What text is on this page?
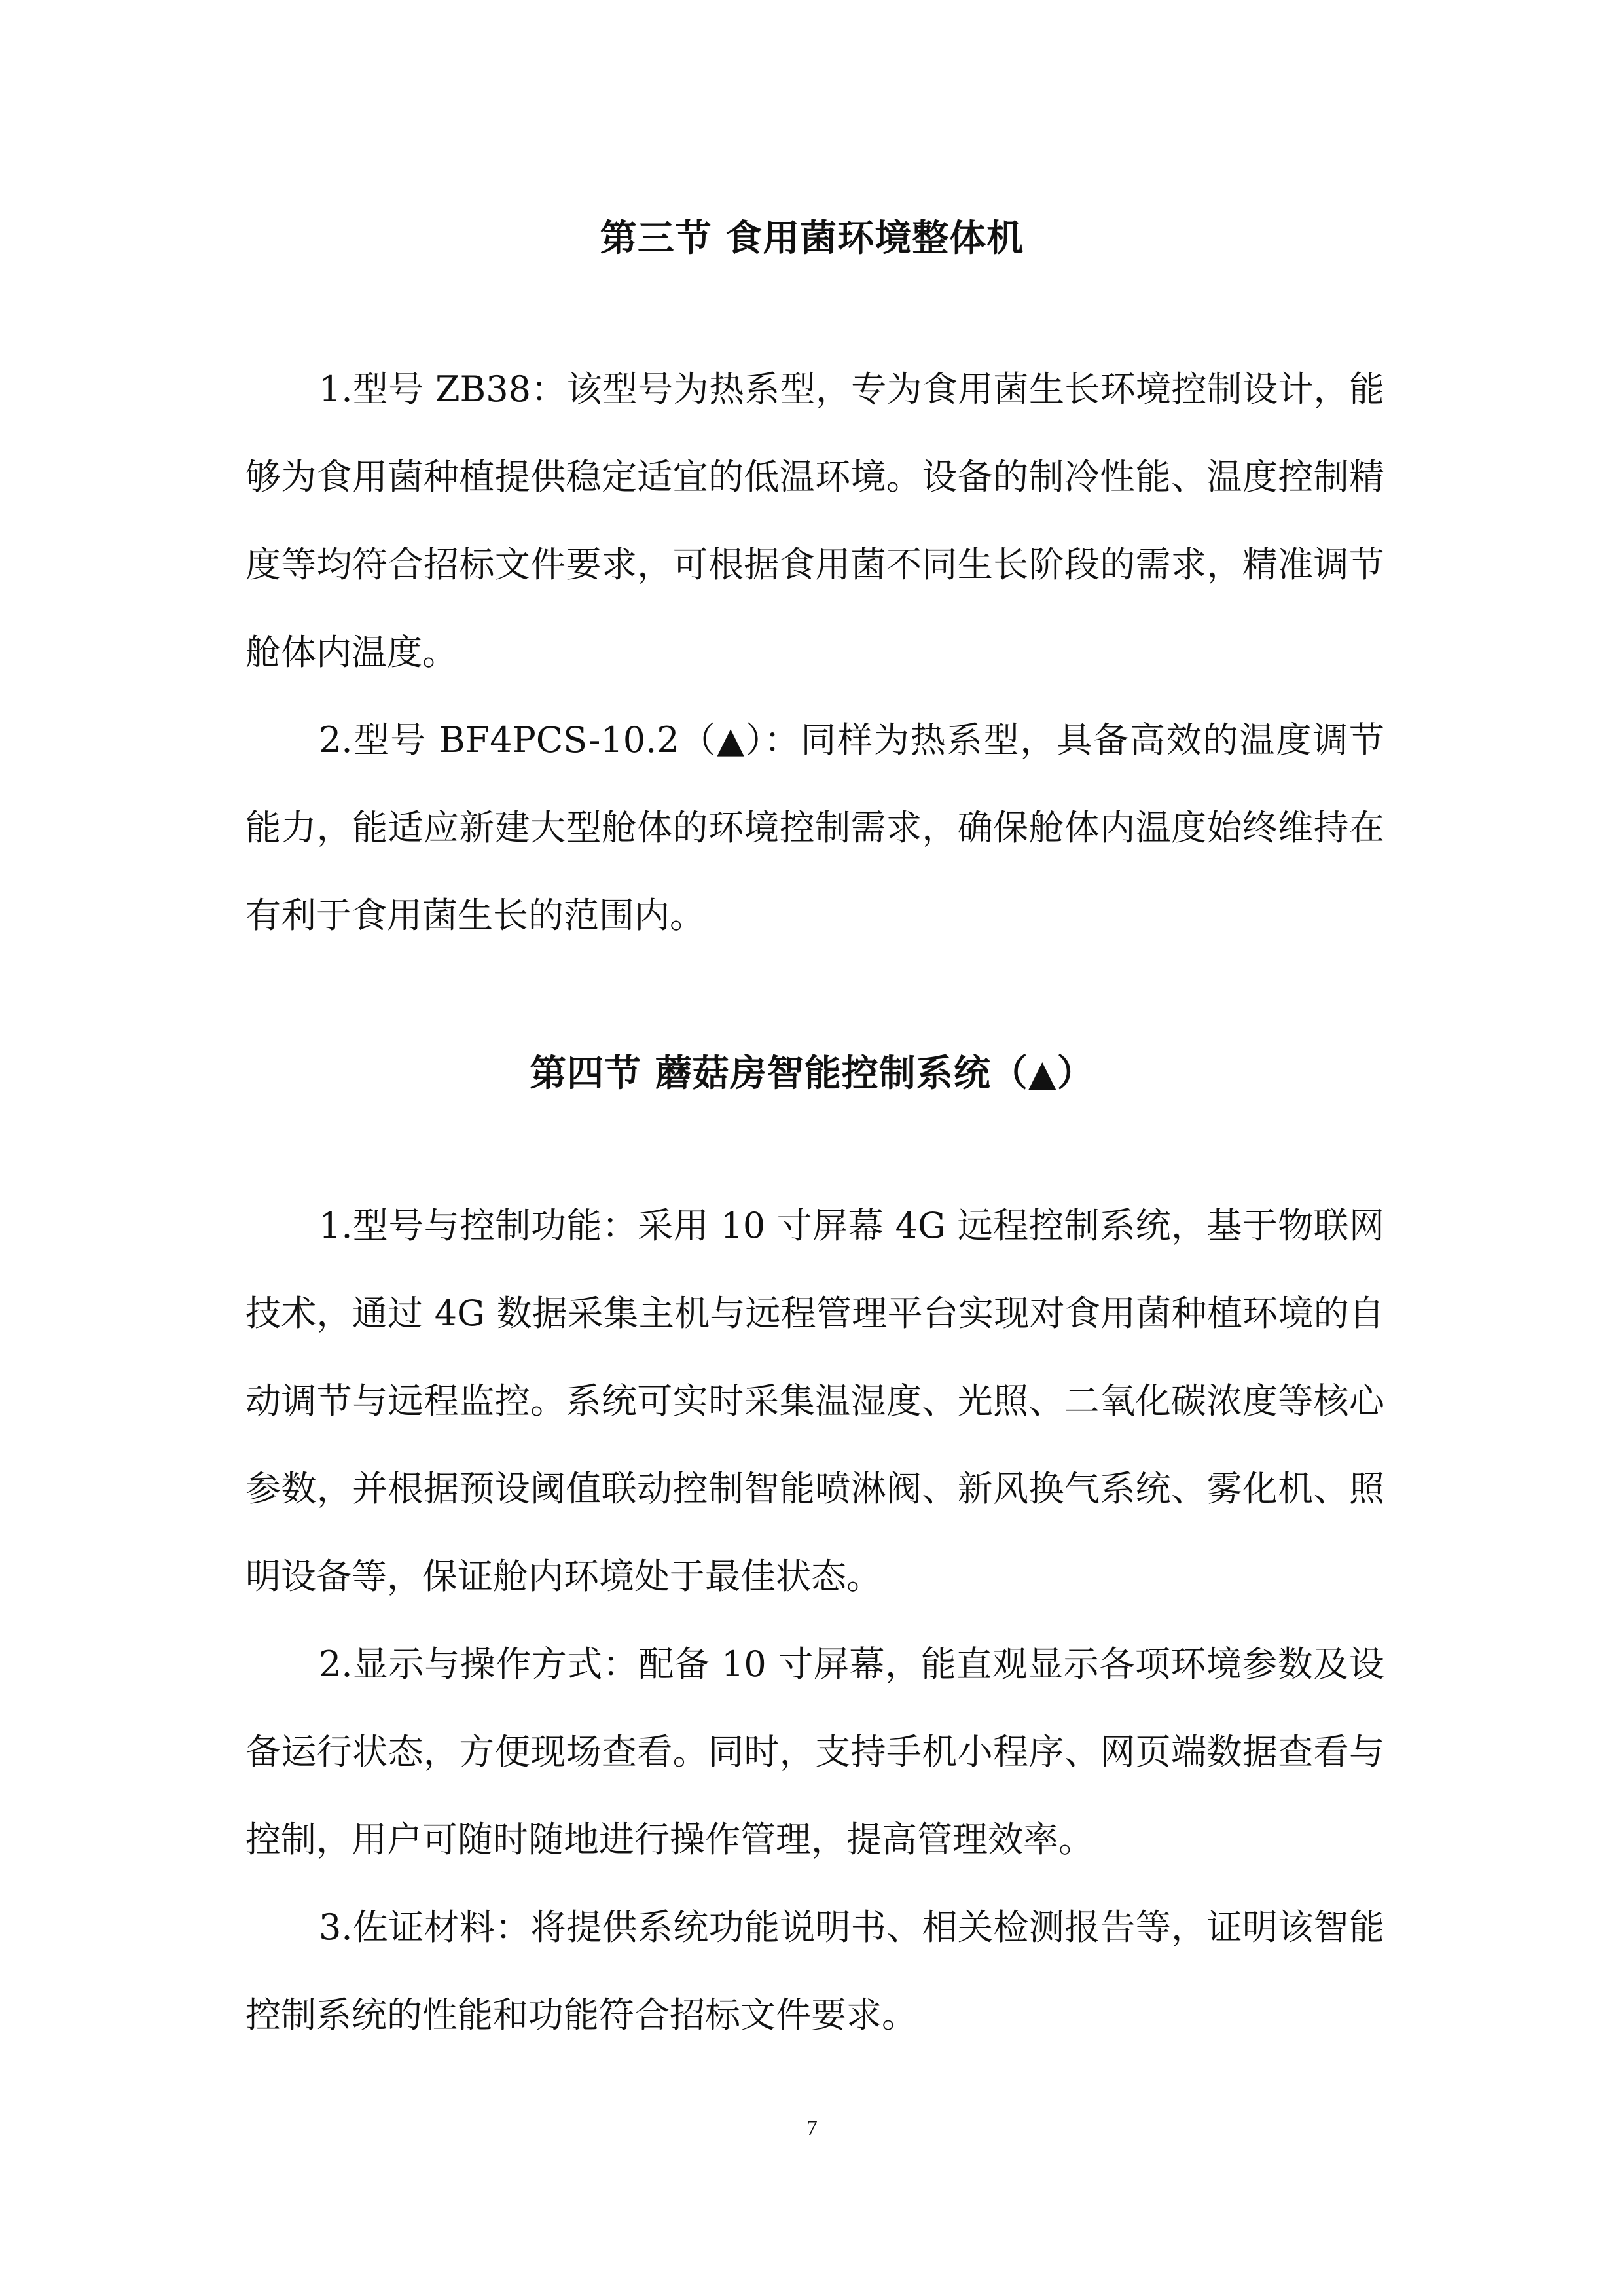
第三节 食用菌环境整体机

1.型号 ZB38：该型号为热系型，专为食用菌生长环境控制设计，能够为食用菌种植提供稳定适宜的低温环境。设备的制冷性能、温度控制精度等均符合招标文件要求，可根据食用菌不同生长阶段的需求，精准调节舱体内温度。

2.型号 BF4PCS-10.2（▲）：同样为热系型，具备高效的温度调节能力，能适应新建大型舱体的环境控制需求，确保舱体内温度始终维持在有利于食用菌生长的范围内。

第四节 蘑菇房智能控制系统（▲）

1.型号与控制功能：采用 10 寸屏幕 4G 远程控制系统，基于物联网技术，通过 4G 数据采集主机与远程管理平台实现对食用菌种植环境的自动调节与远程监控。系统可实时采集温湿度、光照、二氧化碳浓度等核心参数，并根据预设阈值联动控制智能喷淋阀、新风换气系统、雾化机、照明设备等，保证舱内环境处于最佳状态。

2.显示与操作方式：配备 10 寸屏幕，能直观显示各项环境参数及设备运行状态，方便现场查看。同时，支持手机小程序、网页端数据查看与控制，用户可随时随地进行操作管理，提高管理效率。

3.佐证材料：将提供系统功能说明书、相关检测报告等，证明该智能控制系统的性能和功能符合招标文件要求。

7
